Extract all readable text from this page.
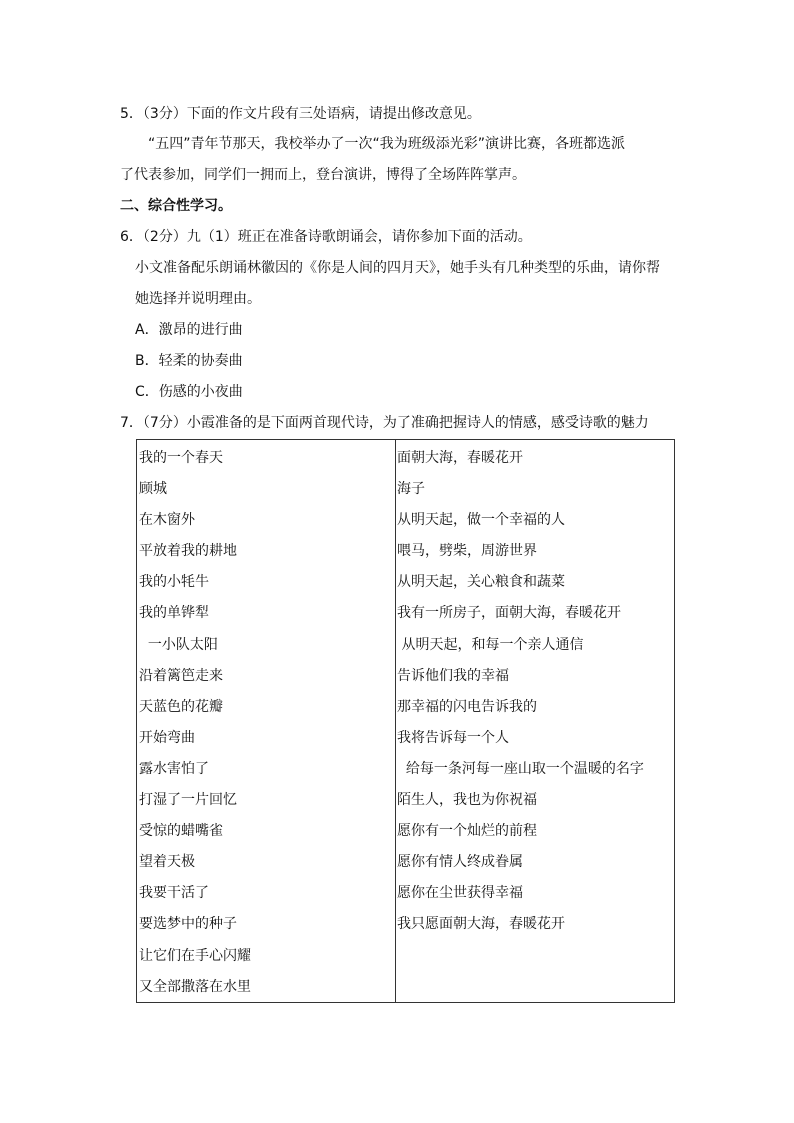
5．（3分）下面的作文片段有三处语病，请提出修改意见。
“五四”青年节那天，我校举办了一次“我为班级添光彩”演讲比赛，各班都选派
了代表参加，同学们一拥而上，登台演讲，博得了全场阵阵掌声。
二、综合性学习。
6．（2分）九（1）班正在准备诗歌朗诵会，请你参加下面的活动。
小文准备配乐朗诵林徽因的《你是人间的四月天》，她手头有几种类型的乐曲，请你帮
她选择并说明理由。
A．激昂的进行曲
B．轻柔的协奏曲
C．伤感的小夜曲
7．（7分）小霞准备的是下面两首现代诗，为了准确把握诗人的情感，感受诗歌的魅力
我的一个春天
顾城
在木窗外
平放着我的耕地
我的小牦牛
我的单铧犁
一小队太阳
沿着篱笆走来
天蓝色的花瓣
开始弯曲
露水害怕了
打湿了一片回忆
受惊的蜡嘴雀
望着天极
我要干活了
要选梦中的种子
让它们在手心闪耀
又全部撒落在水里
面朝大海，春暖花开
海子
从明天起，做一个幸福的人
喂马，劈柴，周游世界
从明天起，关心粮食和蔬菜
我有一所房子，面朝大海，春暖花开
从明天起，和每一个亲人通信
告诉他们我的幸福
那幸福的闪电告诉我的
我将告诉每一个人
给每一条河每一座山取一个温暖的名字
陌生人，我也为你祝福
愿你有一个灿烂的前程
愿你有情人终成眷属
愿你在尘世获得幸福
我只愿面朝大海，春暖花开
